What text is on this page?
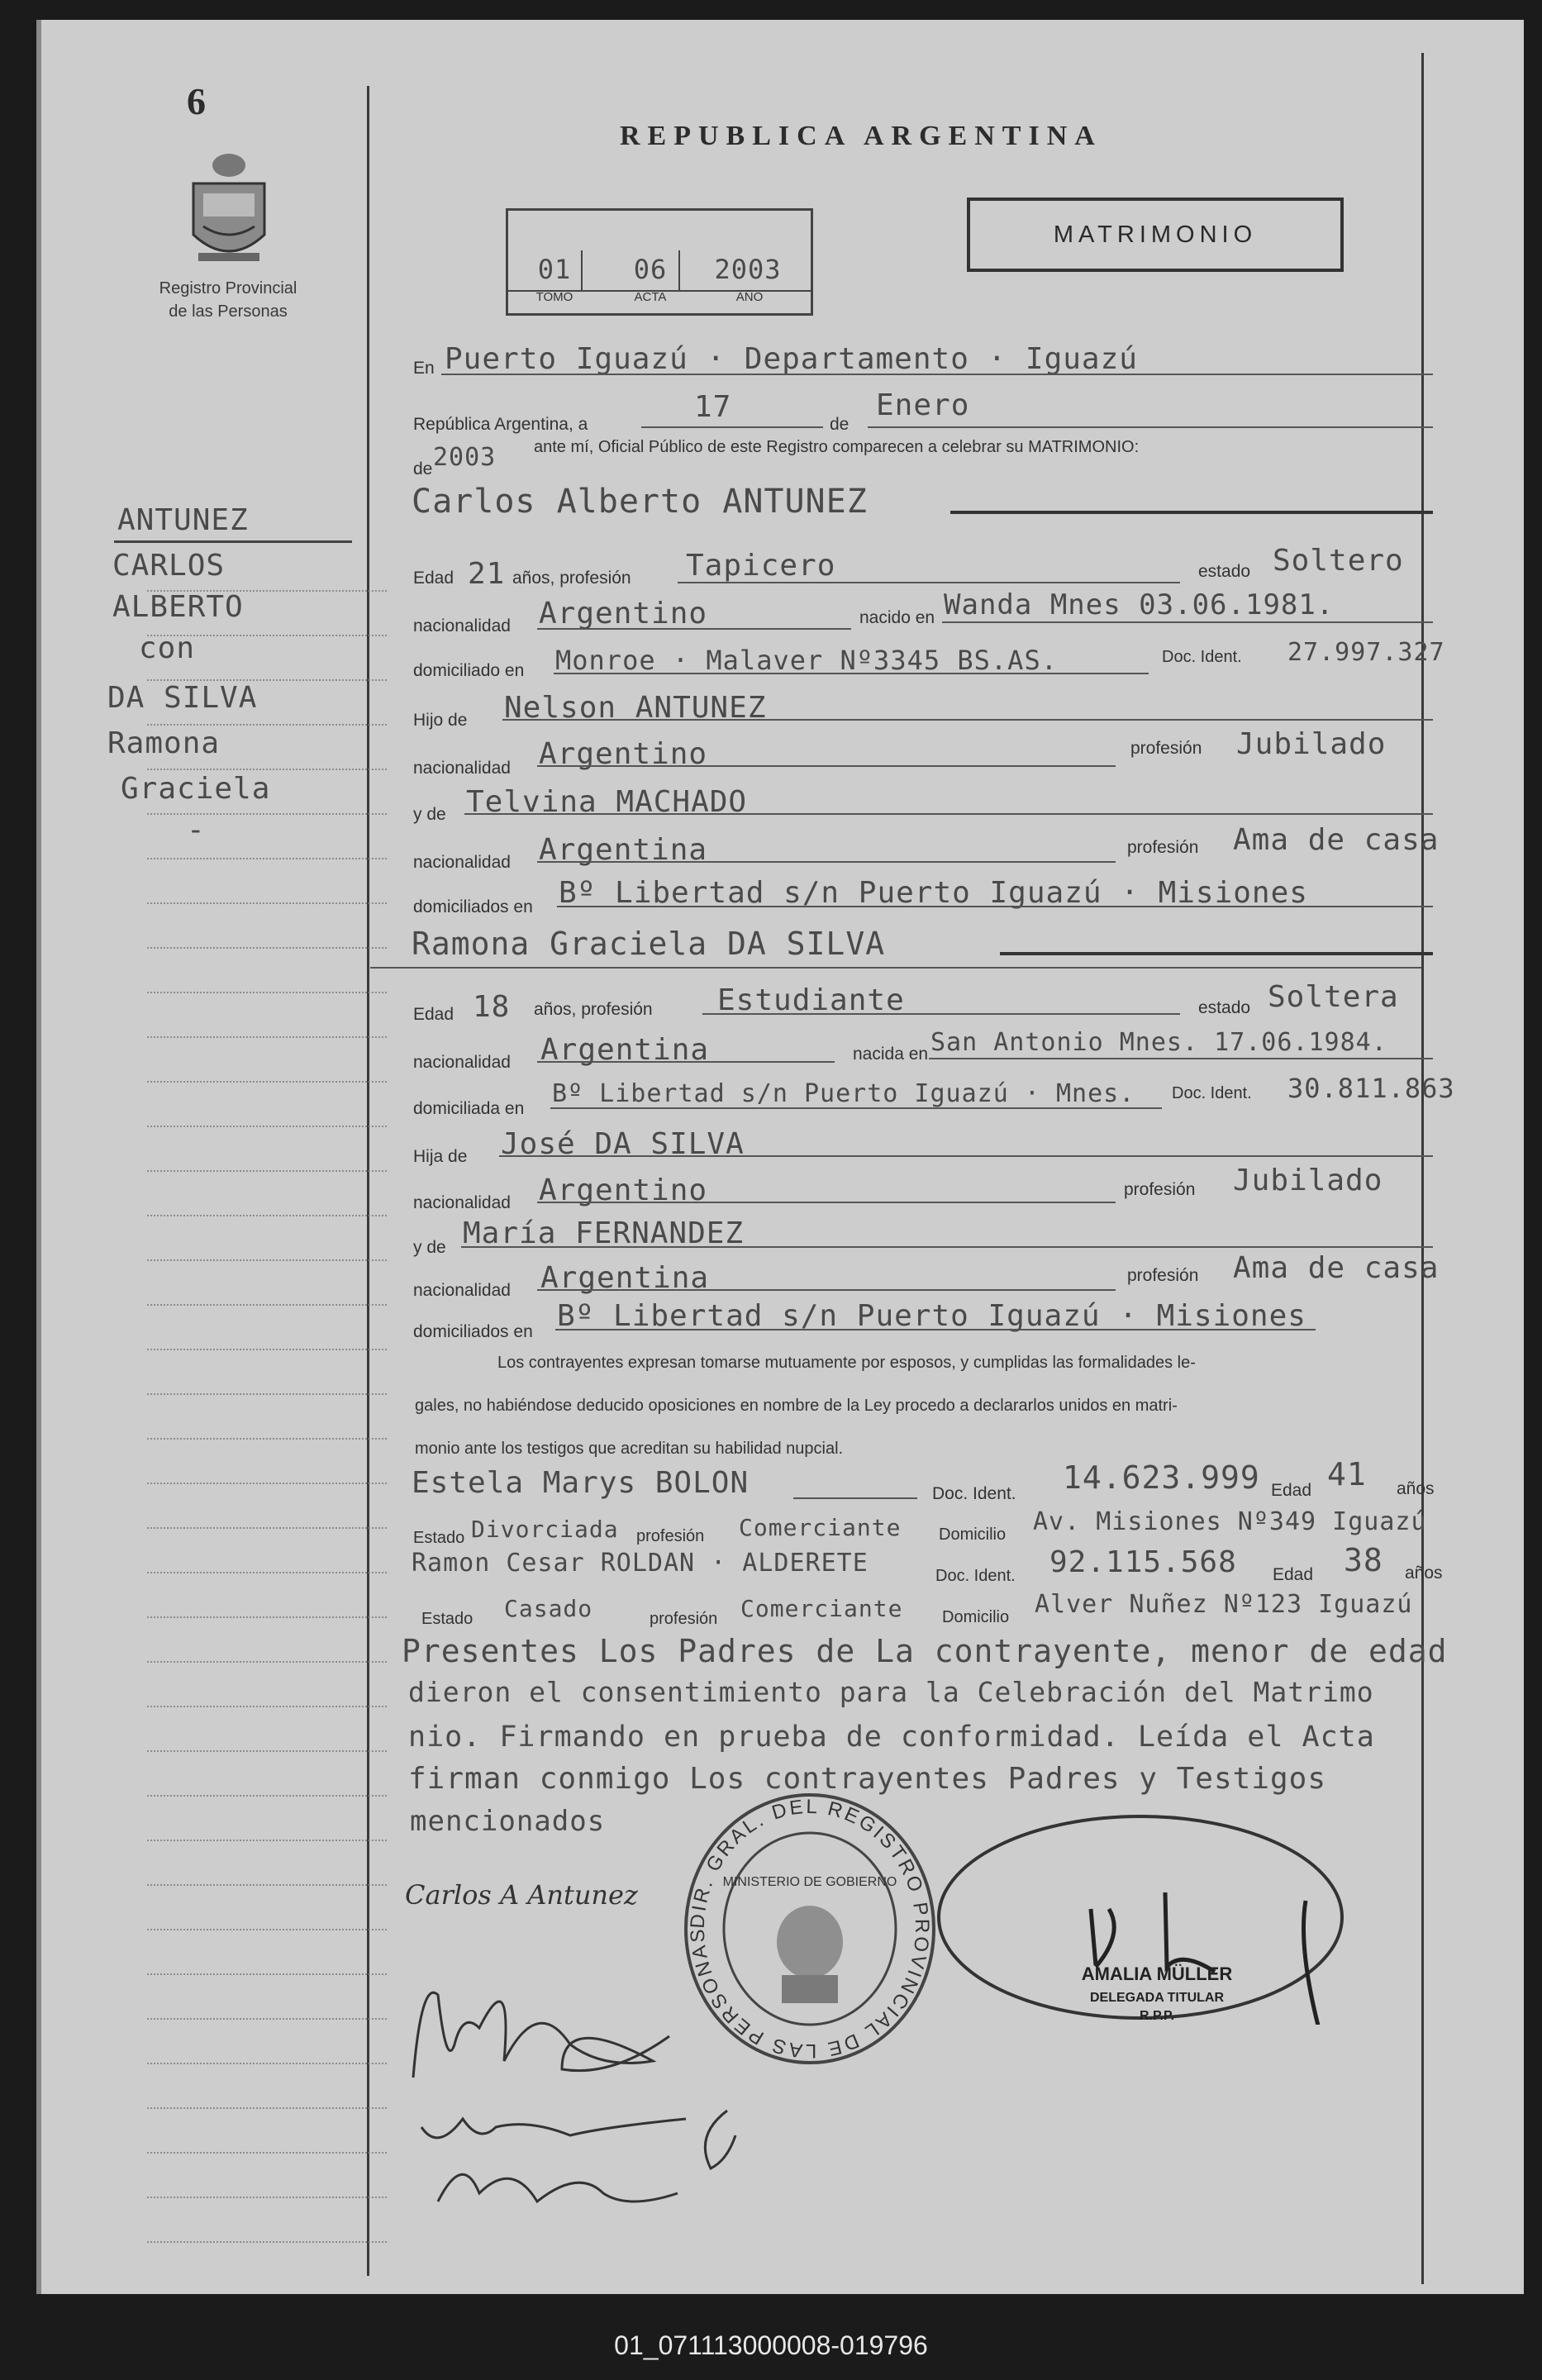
6
Registro Provincial
de las Personas
ANTUNEZ
CARLOS
ALBERTO
con
DA SILVA
Ramona
Graciela
-
REPUBLICA ARGENTINA
01	06	2003
TOMO	ACTA	AÑO
MATRIMONIO
En Puerto Iguazú · Departamento · Iguazú
República Argentina, a
17
de
Enero
de 2003 ante mí, Oficial Público de este Registro comparecen a celebrar su MATRIMONIO:
Carlos Alberto ANTUNEZ
Edad 21 años, profesión Tapicero	estado Soltero
nacionalidad Argentino	nacido en Wanda Mnes 03.06.1981.
domiciliado en Monroe · Malaver Nº3345 BS.AS.	Doc. Ident. 27.997.327
Hijo de Nelson ANTUNEZ
nacionalidad Argentino	profesión Jubilado
y de Telvina MACHADO
nacionalidad Argentina	profesión Ama de casa
domiciliados en Bº Libertad s/n Puerto Iguazú · Misiones
Ramona Graciela DA SILVA
Edad 18 años, profesión Estudiante	estado Soltera
nacionalidad Argentina	nacida en San Antonio Mnes. 17.06.1984.
domiciliada en
Bº Libertad s/n Puerto Iguazú · Mnes. Doc. Ident. 30.811.863
Hija de José DA SILVA
nacionalidad Argentino	profesión Jubilado
y de María FERNANDEZ
nacionalidad Argentina	profesión Ama de casa
domiciliados en Bº Libertad s/n Puerto Iguazú · Misiones
Los contrayentes expresan tomarse mutuamente por esposos, y cumplidas las formalidades le-
gales, no habiéndose deducido oposiciones en nombre de la Ley procedo a declararlos unidos en matri-
monio ante los testigos que acreditan su habilidad nupcial.
Estela Marys BOLON	Doc. Ident. 14.623.999 Edad 41 años
Estado Divorciada profesión Comerciante Domicilio Av. Misiones Nº349 Iguazú
Ramon Cesar ROLDAN · ALDERETE	Doc. Ident. 92.115.568 Edad 38 años
Estado Casado	profesión Comerciante Domicilio Alver Nuñez Nº123 Iguazú
Presentes Los Padres de La contrayente, menor de edad
dieron el consentimiento para la Celebración del Matrimo
nio. Firmando en prueba de conformidad. Leída el Acta
firman conmigo Los contrayentes Padres y Testigos
mencionados
DIR. GRAL. DEL REGISTRO PROVINCIAL DE LAS PERSONAS
MINISTERIO DE GOBIERNO
AMALIA MÜLLER
DELEGADA TITULAR
R.P.P.
Carlos A Antunez
01_071113000008-019796
